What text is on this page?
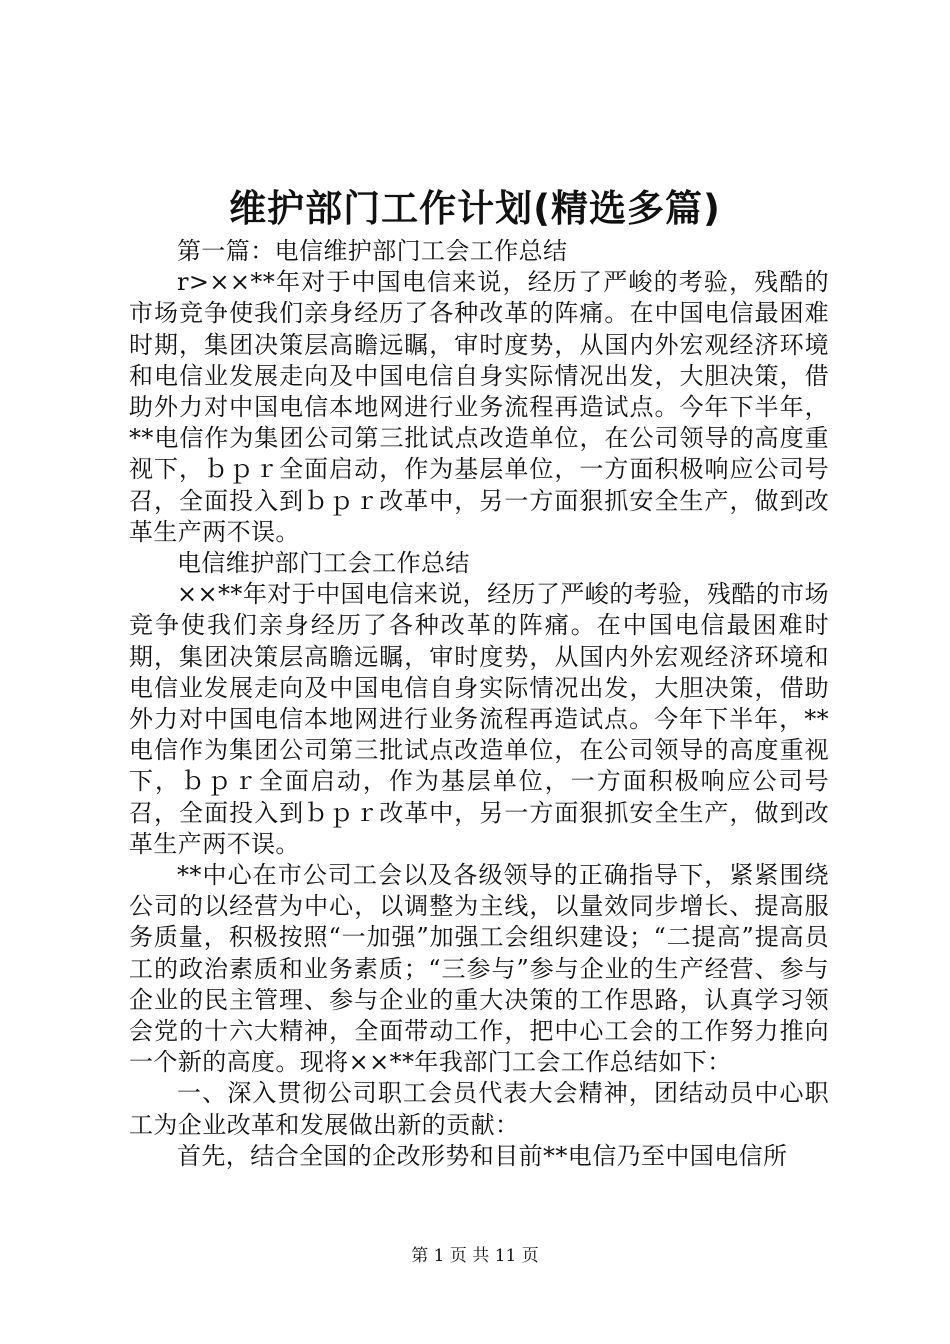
维护部门工作计划(精选多篇)

第一篇：电信维护部门工会工作总结

r>××**年对于中国电信来说，经历了严峻的考验，残酷的市场竞争使我们亲身经历了各种改革的阵痛。在中国电信最困难时期，集团决策层高瞻远瞩，审时度势，从国内外宏观经济环境和电信业发展走向及中国电信自身实际情况出发，大胆决策，借助外力对中国电信本地网进行业务流程再造试点。今年下半年，**电信作为集团公司第三批试点改造单位，在公司领导的高度重视下，ｂｐｒ全面启动，作为基层单位，一方面积极响应公司号召，全面投入到ｂｐｒ改革中，另一方面狠抓安全生产，做到改革生产两不误。

电信维护部门工会工作总结

××**年对于中国电信来说，经历了严峻的考验，残酷的市场竞争使我们亲身经历了各种改革的阵痛。在中国电信最困难时期，集团决策层高瞻远瞩，审时度势，从国内外宏观经济环境和电信业发展走向及中国电信自身实际情况出发，大胆决策，借助外力对中国电信本地网进行业务流程再造试点。今年下半年，**电信作为集团公司第三批试点改造单位，在公司领导的高度重视下，ｂｐｒ全面启动，作为基层单位，一方面积极响应公司号召，全面投入到ｂｐｒ改革中，另一方面狠抓安全生产，做到改革生产两不误。

**中心在市公司工会以及各级领导的正确指导下，紧紧围绕公司的以经营为中心，以调整为主线，以量效同步增长、提高服务质量，积极按照“一加强”加强工会组织建设；“二提高”提高员工的政治素质和业务素质；“三参与”参与企业的生产经营、参与企业的民主管理、参与企业的重大决策的工作思路，认真学习领会党的十六大精神，全面带动工作，把中心工会的工作努力推向一个新的高度。现将××**年我部门工会工作总结如下：

一、深入贯彻公司职工会员代表大会精神，团结动员中心职工为企业改革和发展做出新的贡献：

首先，结合全国的企改形势和目前**电信乃至中国电信所

第 1 页 共 11 页
